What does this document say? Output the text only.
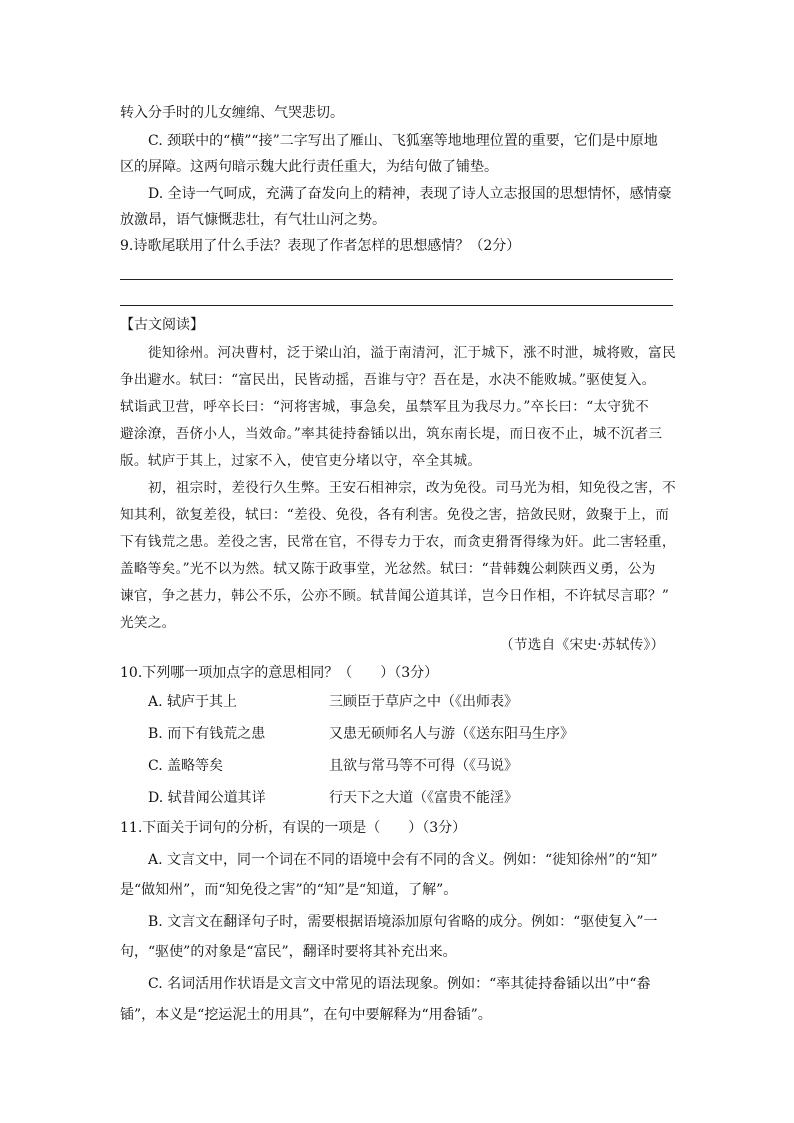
转入分手时的儿女缠绵、气哭悲切。
C. 颈联中的“横”“接”二字写出了雁山、飞狐塞等地地理位置的重要，它们是中原地
区的屏障。这两句暗示魏大此行责任重大，为结句做了铺垫。
D. 全诗一气呵成，充满了奋发向上的精神，表现了诗人立志报国的思想情怀，感情豪
放激昂，语气慷慨悲壮，有气壮山河之势。
9.诗歌尾联用了什么手法？表现了作者怎样的思想感情？（2分）
【古文阅读】
徙知徐州。河决曹村，泛于梁山泊，溢于南清河，汇于城下，涨不时泄，城将败，富民
争出避水。轼曰：“富民出，民皆动摇，吾谁与守？吾在是，水决不能败城。”驱使复入。
轼诣武卫营，呼卒长曰：“河将害城，事急矣，虽禁军且为我尽力。”卒长曰：“太守犹不
避涂潦，吾侪小人，当效命。”率其徒持畚锸以出，筑东南长堤，而日夜不止，城不沉者三
版。轼庐于其上，过家不入，使官吏分堵以守，卒全其城。
初，祖宗时，差役行久生弊。王安石相神宗，改为免役。司马光为相，知免役之害，不
知其利，欲复差役，轼曰：“差役、免役，各有利害。免役之害，掊敛民财，敛聚于上，而
下有钱荒之患。差役之害，民常在官，不得专力于农，而贪吏猾胥得缘为奸。此二害轻重，
盖略等矣。”光不以为然。轼又陈于政事堂，光忿然。轼曰：“昔韩魏公刺陕西义勇，公为
谏官，争之甚力，韩公不乐，公亦不顾。轼昔闻公道其详，岂今日作相，不许轼尽言耶？”
光笑之。
（节选自《宋史·苏轼传》）
10.下列哪一项加点字的意思相同？（　　）（3分）
A. 轼庐于其上	三顾臣于草庐之中（《出师表》
B. 而下有钱荒之患	又患无硕师名人与游（《送东阳马生序》
C. 盖略等矣	且欲与常马等不可得（《马说》
D. 轼昔闻公道其详	行天下之大道（《富贵不能淫》
11.下面关于词句的分析，有误的一项是（　　）（3分）
A. 文言文中，同一个词在不同的语境中会有不同的含义。例如：“徙知徐州”的“知”
是“做知州”，而“知免役之害”的“知”是“知道，了解”。
B. 文言文在翻译句子时，需要根据语境添加原句省略的成分。例如：“驱使复入”一
句，“驱使”的对象是“富民”，翻译时要将其补充出来。
C. 名词活用作状语是文言文中常见的语法现象。例如：“率其徒持畚锸以出”中“畚
锸”，本义是“挖运泥土的用具”，在句中要解释为“用畚锸”。
